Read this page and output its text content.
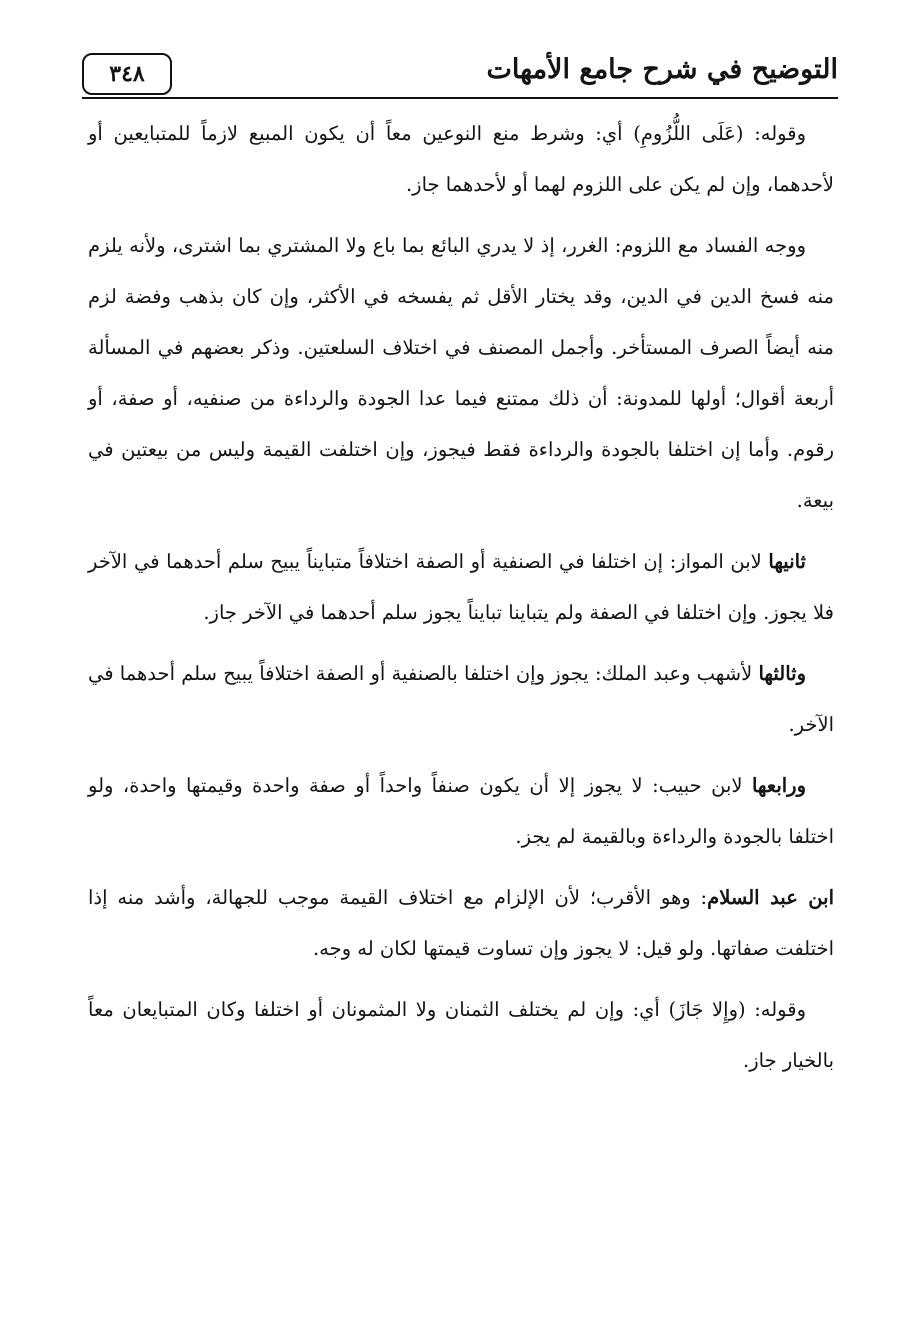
٣٤٨	التوضيح في شرح جامع الأمهات

وقوله: (عَلَى اللُّزُومِ) أي: وشرط منع النوعين معاً أن يكون المبيع لازماً للمتبايعين أو لأحدهما، وإن لم يكن على اللزوم لهما أو لأحدهما جاز.

ووجه الفساد مع اللزوم: الغرر، إذ لا يدري البائع بما باع ولا المشتري بما اشترى، ولأنه يلزم منه فسخ الدين في الدين، وقد يختار الأقل ثم يفسخه في الأكثر، وإن كان بذهب وفضة لزم منه أيضاً الصرف المستأخر. وأجمل المصنف في اختلاف السلعتين. وذكر بعضهم في المسألة أربعة أقوال؛ أولها للمدونة: أن ذلك ممتنع فيما عدا الجودة والرداءة من صنفيه، أو صفة، أو رقوم. وأما إن اختلفا بالجودة والرداءة فقط فيجوز، وإن اختلفت القيمة وليس من بيعتين في بيعة.

ثانيها لابن المواز: إن اختلفا في الصنفية أو الصفة اختلافاً متبايناً يبيح سلم أحدهما في الآخر فلا يجوز. وإن اختلفا في الصفة ولم يتباينا تبايناً يجوز سلم أحدهما في الآخر جاز.

وثالثها لأشهب وعبد الملك: يجوز وإن اختلفا بالصنفية أو الصفة اختلافاً يبيح سلم أحدهما في الآخر.

ورابعها لابن حبيب: لا يجوز إلا أن يكون صنفاً واحداً أو صفة واحدة وقيمتها واحدة، ولو اختلفا بالجودة والرداءة وبالقيمة لم يجز.

ابن عبد السلام: وهو الأقرب؛ لأن الإلزام مع اختلاف القيمة موجب للجهالة، وأشد منه إذا اختلفت صفاتها. ولو قيل: لا يجوز وإن تساوت قيمتها لكان له وجه.

وقوله: (وإِلا جَازَ) أي: وإن لم يختلف الثمنان ولا المثمونان أو اختلفا وكان المتبايعان معاً بالخيار جاز.
